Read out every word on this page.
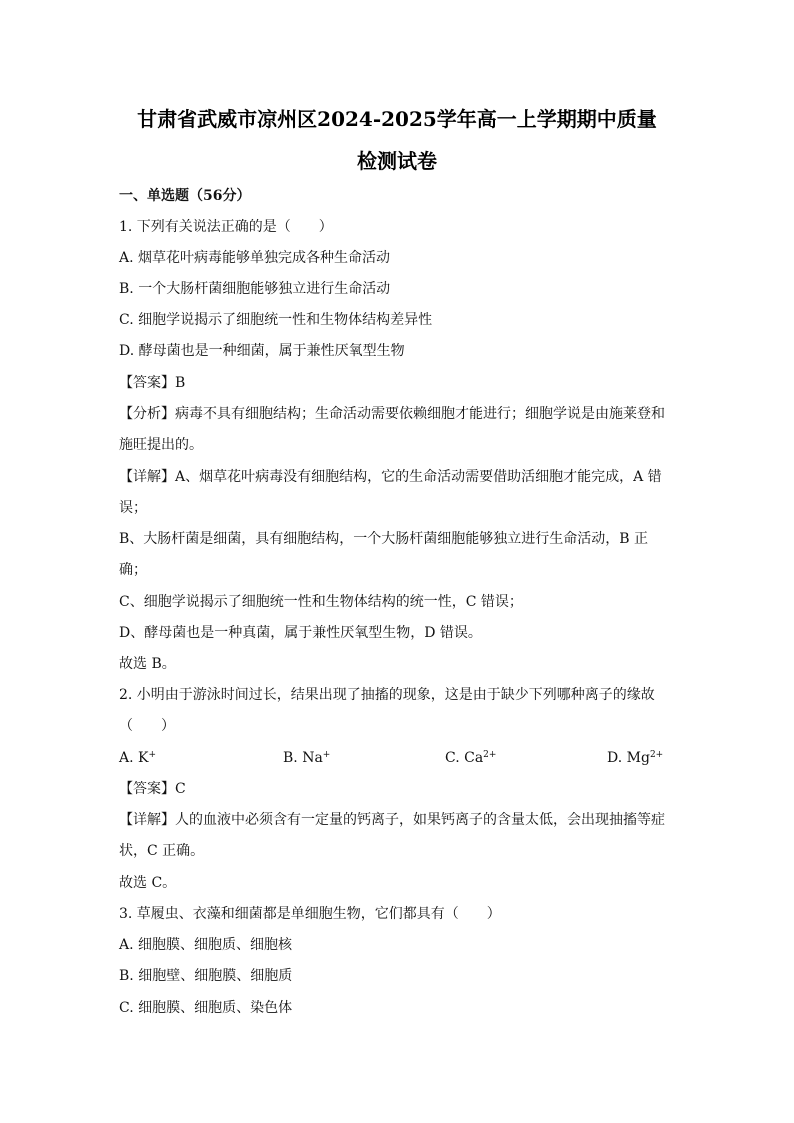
甘肃省武威市凉州区2024-2025学年高一上学期期中质量
检测试卷
一、单选题（56分）
1. 下列有关说法正确的是（　　）
A. 烟草花叶病毒能够单独完成各种生命活动
B. 一个大肠杆菌细胞能够独立进行生命活动
C. 细胞学说揭示了细胞统一性和生物体结构差异性
D. 酵母菌也是一种细菌，属于兼性厌氧型生物
【答案】B
【分析】病毒不具有细胞结构；生命活动需要依赖细胞才能进行；细胞学说是由施莱登和
施旺提出的。
【详解】A、烟草花叶病毒没有细胞结构，它的生命活动需要借助活细胞才能完成，A 错
误；
B、大肠杆菌是细菌，具有细胞结构，一个大肠杆菌细胞能够独立进行生命活动，B 正
确；
C、细胞学说揭示了细胞统一性和生物体结构的统一性，C 错误；
D、酵母菌也是一种真菌，属于兼性厌氧型生物，D 错误。
故选 B。
2. 小明由于游泳时间过长，结果出现了抽搐的现象，这是由于缺少下列哪种离子的缘故
（　　）
A. K+	B. Na+	C. $Ca^{2+}$	D. $Mg^{2+}$
【答案】C
【详解】人的血液中必须含有一定量的钙离子，如果钙离子的含量太低，会出现抽搐等症
状，C 正确。
故选 C。
3. 草履虫、衣藻和细菌都是单细胞生物，它们都具有（　　）
A. 细胞膜、细胞质、细胞核
B. 细胞壁、细胞膜、细胞质
C. 细胞膜、细胞质、染色体
